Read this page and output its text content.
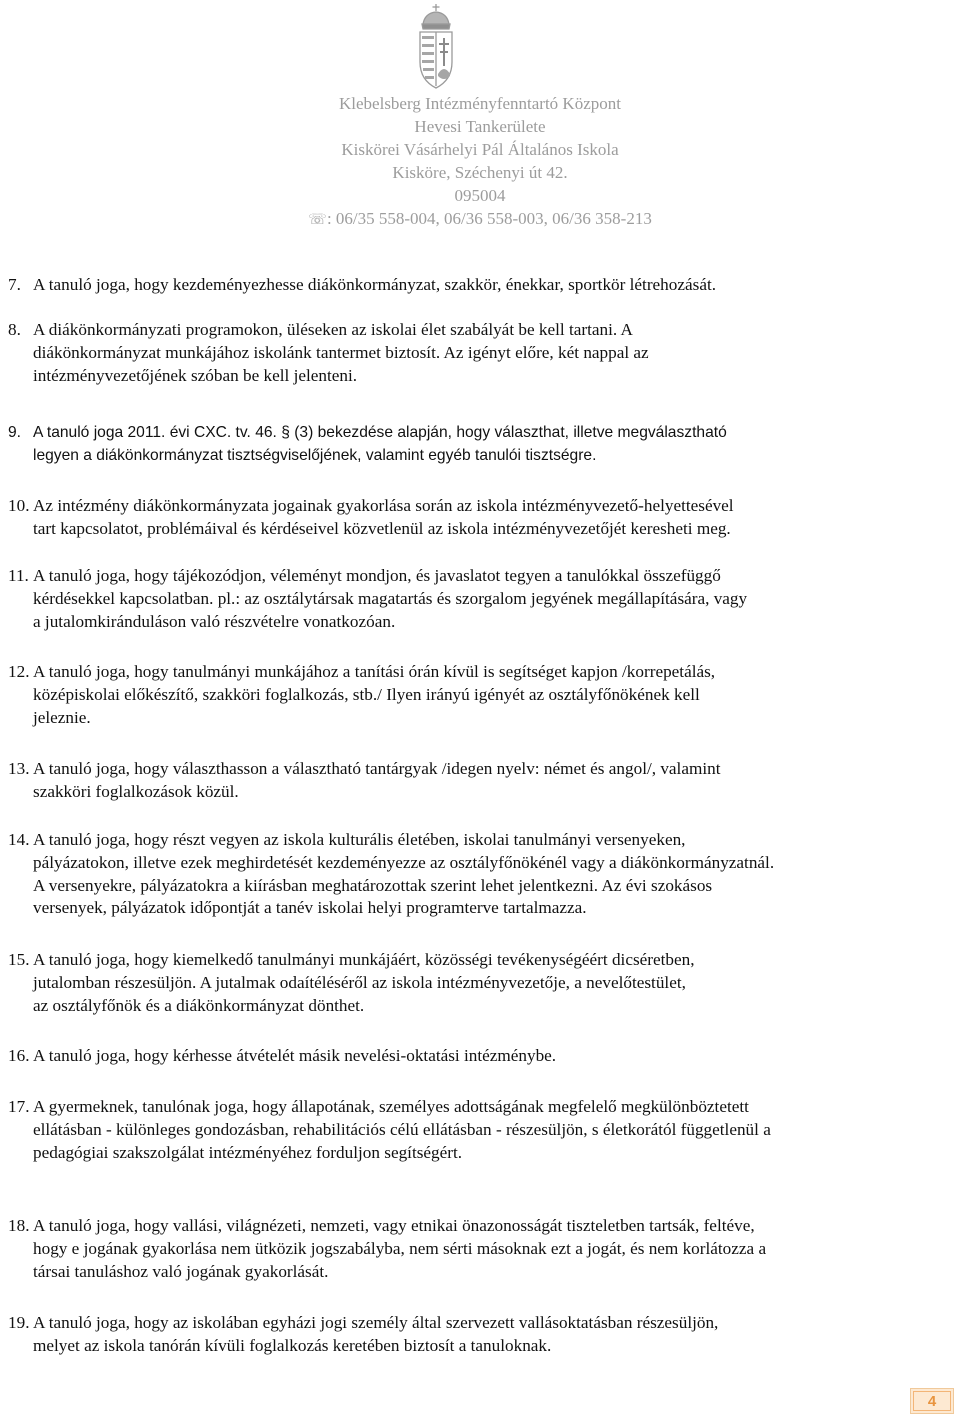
Klebelsberg Intézményfenntartó Központ
Hevesi Tankerülete
Kiskörei Vásárhelyi Pál Általános Iskola
Kisköre, Széchenyi út 42.
095004
☏: 06/35 558-004, 06/36 558-003, 06/36 358-213
7. A tanuló joga, hogy kezdeményezhesse diákönkormányzat, szakkör, énekkar, sportkör létrehozását.
8. A diákönkormányzati programokon, üléseken az iskolai élet szabályát be kell tartani. A
diákönkormányzat munkájához iskolánk tantermet biztosít. Az igényt előre, két nappal az
intézményvezetőjének szóban be kell jelenteni.
9. A tanuló joga 2011. évi CXC. tv. 46. § (3) bekezdése alapján, hogy választhat, illetve megválasztható
legyen a diákönkormányzat tisztségviselőjének, valamint egyéb tanulói tisztségre.
10. Az intézmény diákönkormányzata jogainak gyakorlása során az iskola intézményvezető-helyettesével
tart kapcsolatot, problémáival és kérdéseivel közvetlenül az iskola intézményvezetőjét keresheti meg.
11. A tanuló joga, hogy tájékozódjon, véleményt mondjon, és javaslatot tegyen a tanulókkal összefüggő
kérdésekkel kapcsolatban. pl.: az osztálytársak magatartás és szorgalom jegyének megállapítására, vagy
a jutalomkiránduláson való részvételre vonatkozóan.
12. A tanuló joga, hogy tanulmányi munkájához a tanítási órán kívül is segítséget kapjon /korrepetálás,
középiskolai előkészítő, szakköri foglalkozás, stb./ Ilyen irányú igényét az osztályfőnökének kell
jeleznie.
13. A tanuló joga, hogy választhasson a választható tantárgyak /idegen nyelv: német és angol/, valamint
szakköri foglalkozások közül.
14. A tanuló joga, hogy részt vegyen az iskola kulturális életében, iskolai tanulmányi versenyeken,
pályázatokon, illetve ezek meghirdetését kezdeményezze az osztályfőnökénél vagy a diákönkormányzatnál.
A versenyekre, pályázatokra a kiírásban meghatározottak szerint lehet jelentkezni. Az évi szokásos
versenyek, pályázatok időpontját a tanév iskolai helyi programterve tartalmazza.
15. A tanuló joga, hogy kiemelkedő tanulmányi munkájáért, közösségi tevékenységéért dicséretben,
jutalomban részesüljön. A jutalmak odaítéléséről az iskola intézményvezetője, a nevelőtestület,
az osztályfőnök és a diákönkormányzat dönthet.
16. A tanuló joga, hogy kérhesse átvételét másik nevelési-oktatási intézménybe.
17. A gyermeknek, tanulónak joga, hogy állapotának, személyes adottságának megfelelő megkülönböztetett
ellátásban - különleges gondozásban, rehabilitációs célú ellátásban - részesüljön, s életkorától függetlenül a
pedagógiai szakszolgálat intézményéhez forduljon segítségért.
18. A tanuló joga, hogy vallási, világnézeti, nemzeti, vagy etnikai önazonosságát tiszteletben tartsák, feltéve,
hogy e jogának gyakorlása nem ütközik jogszabályba, nem sérti másoknak ezt a jogát, és nem korlátozza a
társai tanuláshoz való jogának gyakorlását.
19. A tanuló joga, hogy az iskolában egyházi jogi személy által szervezett vallásoktatásban részesüljön,
melyet az iskola tanórán kívüli foglalkozás keretében biztosít a tanuloknak.
4
